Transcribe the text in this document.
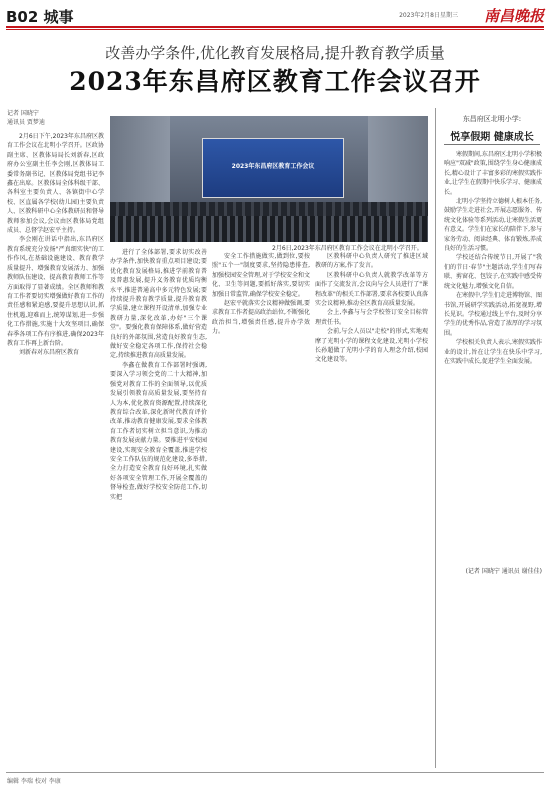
B02 城事	2023年2月8日 星期三 南昌晚报
改善办学条件,优化教育发展格局,提升教育教学质量
2023年东昌府区教育工作会议召开
记者 国晓宁
通讯员 贾梦迪

2月6日下午,2023年东昌府区教育工作会议在北明小学召开。区政协副主席、区教体局局长刘新春,区政府办公室副主任李会刚,区教体局工委常务副书记、区教体局党组书记李鑫在出席。区教体局全体科级干部、各科室主要负责人、各镇街中心学校、区直属各学校(幼儿园)主要负责人、区教科研中心全体教研员和督导教师参加会议,会议由区教体局党组成员、总督学赵宏平主持。

李会刚在讲话中指出,东昌府区教育系统充分发扬"严真细实快"的工作作风,在基础设施建设、教育教学质量提升、增强教育发展活力、加强教师队伍建设、提高教育教师工作等方面取得了显著成绩。全区教师和教育工作者要切实增强做好教育工作的责任感和紧迫感,要提升思想认识,抓住机遇,迎难而上,统筹谋划,进一步强化工作措施,实施十大攻坚项目,确保春季各项工作有序推进,确保2023年教育工作再上新台阶。

刘新春对东昌府区教育

2023年东昌府区教育工作会议
2月6日,2023年东昌府区教育工作会议在北明小学召开。

进行了全体部署,要求切实改善办学条件,加快教育重点项目建设;要优化教育发展格局,推进学前教育普及普惠发展,提升义务教育优质均衡水平,推进普通高中多元特色发展;要持续提升教育教学质量,提升教育教学质量,建立课程开设清单,加强专业教研力量,深化改革,办好"三个课堂"。要强化教育保障体系,做好营造良好的外部氛围,营造良好教育生态,做好安全稳定各项工作,保持社会稳定,持续推进教育高质量发展。

李鑫在做教育工作部署时强调,要深入学习领会党的二十大精神,加强党对教育工作的全面领导,以优质发展引领教育高质量发展,要坚持育人为本,优化教育资源配置,持续深化教育综合改革,深化新时代教育评价改革,推动教育健康发展,要求全体教育工作者切实树立担当意识,为推动教育发展贡献力量。要推进平安校园建设,实现安全教育全覆盖,推进学校安全工作队伍的规范化建设,多举措,全力打造安全教育良好环境,扎实做好各项安全管理工作,开展全覆盖的督导检查,做好学校安全防范工作,切实把

安全工作措施做实,做到位,要按照"五个一"制度要求,坚持隐患排查,加强校园安全管理,对于学校安全和文化、卫生等问题,要抓好落实,要切实加强日常监管,确保学校安全稳定。

赵宏平就落实会议精神做强调,要求教育工作者提高政治站位,不断强化政治担当,增强责任感,提升办学效力。

区教科研中心负责人研究了推进区域教研的方案,作了发言。

区教科研中心负责人就教学改革等方面作了交流发言,会议向与会人员进行了"课程改革"的相关工作部署,要求各校要认真落实会议精神,推动全区教育高质量发展。

会上,李鑫与与会学校签订安全目标管理责任书。

会前,与会人员以"走校"的形式,实地观摩了光明小学的课程文化建设,光明小学校长孙超做了光明小学的育人理念介绍,校园文化建设等。

东昌府区北明小学:
悦享假期 健康成长

寒假期间,东昌府区北明小学积极响应"双减"政策,围绕学生身心健康成长,精心设计了丰富多彩的寒假实践作业,让学生在假期中快乐学习、健康成长。

北明小学坚持立德树人根本任务,鼓励学生走进社会,开展志愿服务、传统文化体验等系列活动,让寒假生活更有意义。学生们在家长的陪伴下,参与家务劳动、阅读经典、体育锻炼,养成良好的生活习惯。

学校还结合传统节日,开展了"我们的节日·春节"主题活动,学生们写春联、剪窗花、包饺子,在实践中感受传统文化魅力,增强文化自信。

在寒假中,学生们走进博物馆、图书馆,开展研学实践活动,拓宽视野,增长见识。学校通过线上平台,及时分享学生的优秀作品,营造了浓厚的学习氛围。

学校相关负责人表示,寒假实践作业的设计,旨在让学生在快乐中学习,在实践中成长,促进学生全面发展。

(记者 国晓宁 通讯员 谢佳佳)
编辑 李瑞 校对 李康
